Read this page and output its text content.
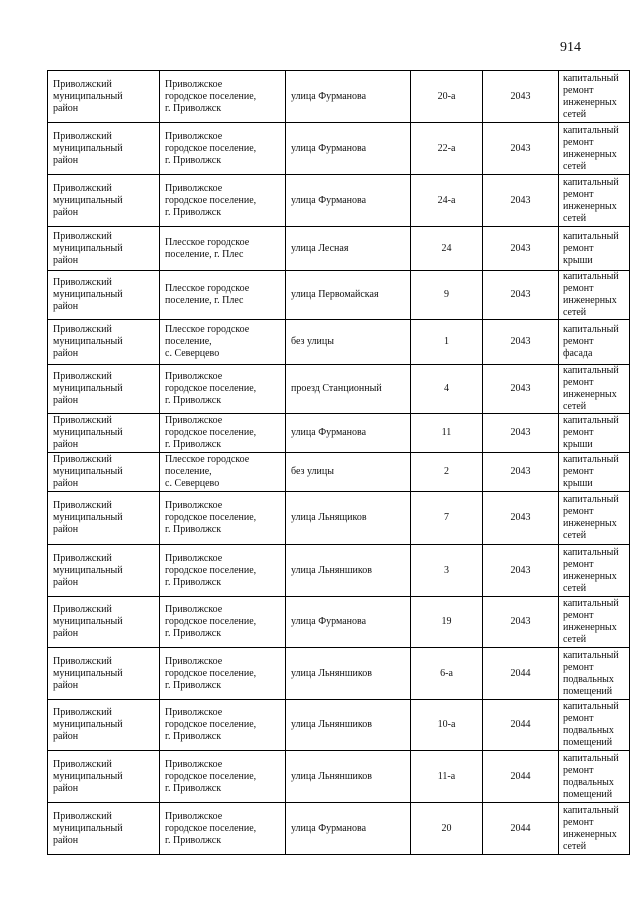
914
Приволжский
муниципальный
район	Приволжское
городское поселение,
г. Приволжск	улица Фурманова	20-а	2043	капитальный
ремонт
инженерных
сетей
Приволжский
муниципальный
район	Приволжское
городское поселение,
г. Приволжск	улица Фурманова	22-а	2043	капитальный
ремонт
инженерных
сетей
Приволжский
муниципальный
район	Приволжское
городское поселение,
г. Приволжск	улица Фурманова	24-а	2043	капитальный
ремонт
инженерных
сетей
Приволжский
муниципальный
район	Плесское городское
поселение, г. Плес	улица Лесная	24	2043	капитальный
ремонт крыши
Приволжский
муниципальный
район	Плесское городское
поселение, г. Плес	улица Первомайская	9	2043	капитальный
ремонт
инженерных
сетей
Приволжский
муниципальный
район	Плесское городское
поселение,
с. Северцево	без улицы	1	2043	капитальный
ремонт фасада
Приволжский
муниципальный
район	Приволжское
городское поселение,
г. Приволжск	проезд Станционный	4	2043	капитальный
ремонт
инженерных
сетей
Приволжский
муниципальный
район	Приволжское
городское поселение,
г. Приволжск	улица Фурманова	11	2043	капитальный
ремонт крыши
Приволжский
муниципальный
район	Плесское городское
поселение,
с. Северцево	без улицы	2	2043	капитальный
ремонт крыши
Приволжский
муниципальный
район	Приволжское
городское поселение,
г. Приволжск	улица Льнящиков	7	2043	капитальный
ремонт
инженерных
сетей
Приволжский
муниципальный
район	Приволжское
городское поселение,
г. Приволжск	улица Льняншиков	3	2043	капитальный
ремонт
инженерных
сетей
Приволжский
муниципальный
район	Приволжское
городское поселение,
г. Приволжск	улица Фурманова	19	2043	капитальный
ремонт
инженерных
сетей
Приволжский
муниципальный
район	Приволжское
городское поселение,
г. Приволжск	улица Льняншиков	6-а	2044	капитальный
ремонт
подвальных
помещений
Приволжский
муниципальный
район	Приволжское
городское поселение,
г. Приволжск	улица Льняншиков	10-а	2044	капитальный
ремонт
подвальных
помещений
Приволжский
муниципальный
район	Приволжское
городское поселение,
г. Приволжск	улица Льняншиков	11-а	2044	капитальный
ремонт
подвальных
помещений
Приволжский
муниципальный
район	Приволжское
городское поселение,
г. Приволжск	улица Фурманова	20	2044	капитальный
ремонт
инженерных
сетей
